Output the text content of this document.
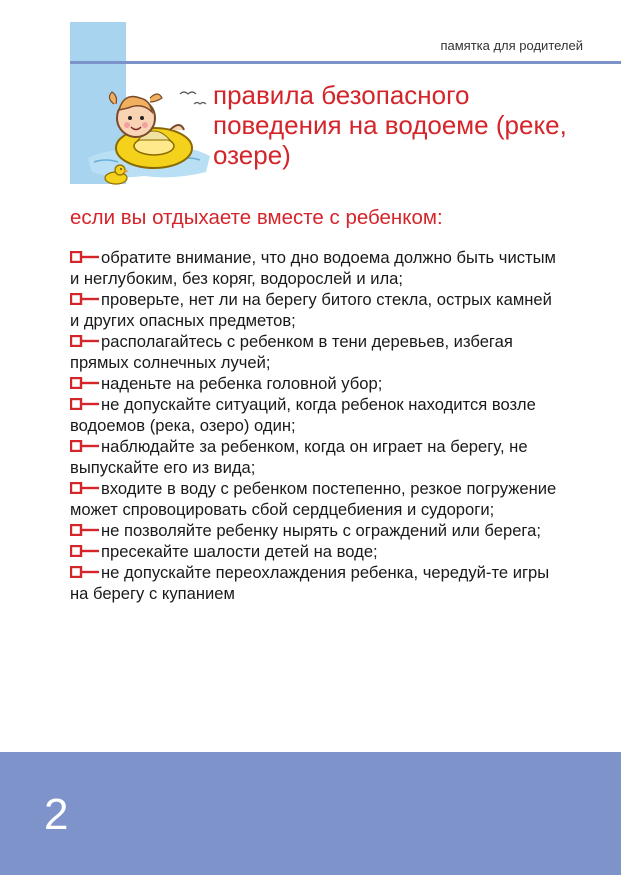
памятка для родителей
правила безопасного поведения на водоеме (реке, озере)
если вы отдыхаете вместе с ребенком:
обратите внимание, что дно водоема должно быть чистым и неглубоким, без коряг, водорослей и ила;
проверьте, нет ли на берегу битого стекла, острых камней и других опасных предметов;
располагайтесь с ребенком в тени деревьев, избегая прямых солнечных лучей;
наденьте на ребенка головной убор;
не допускайте ситуаций, когда ребенок находится возле водоемов (река, озеро) один;
наблюдайте за ребенком, когда он играет на берегу, не выпускайте его из вида;
входите в воду с ребенком постепенно, резкое погружение может спровоцировать сбой сердцебиения и судороги;
не позволяйте ребенку нырять с ограждений или берега;
пресекайте шалости детей на воде;
не допускайте переохлаждения ребенка, чередуй-те игры на берегу с купанием
2
